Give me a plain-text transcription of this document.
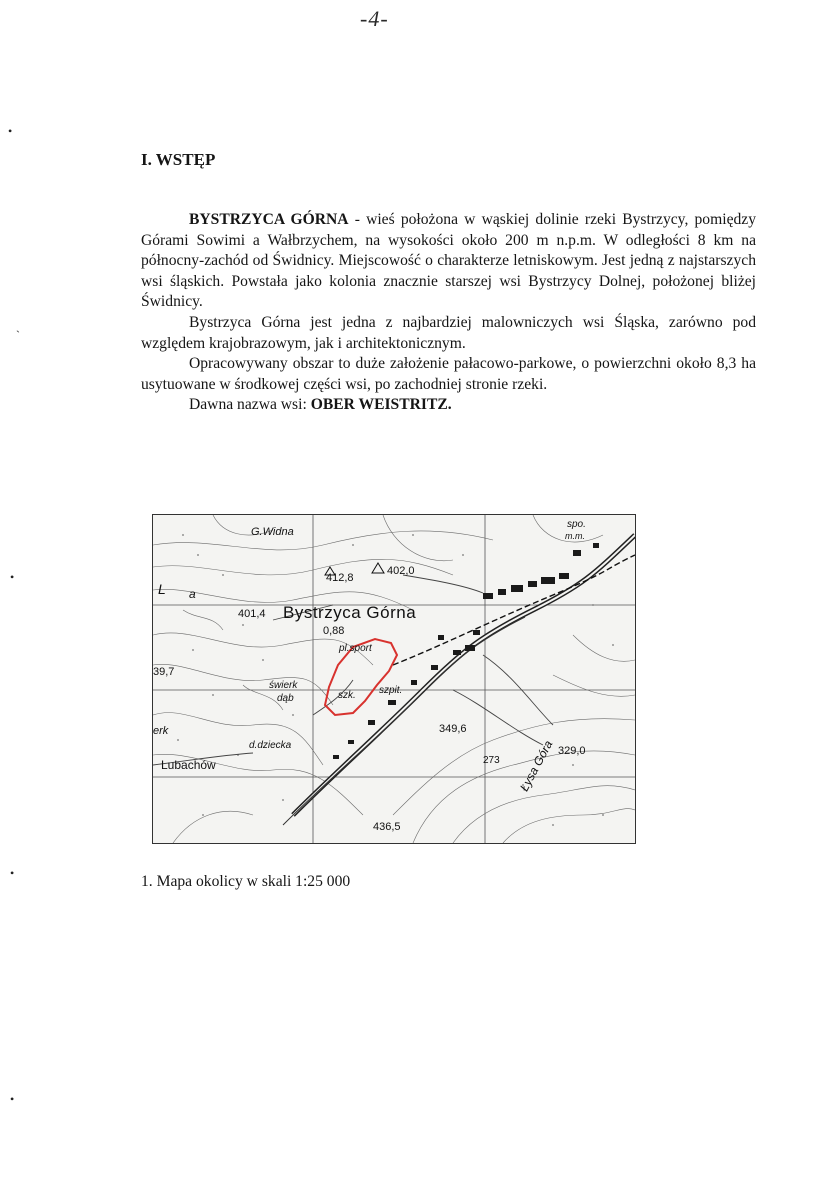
-4-
•
`
•
•
•
I. WSTĘP

BYSTRZYCA GÓRNA - wieś położona w wąskiej dolinie rzeki Bystrzycy, pomiędzy Górami Sowimi a Wałbrzychem, na wysokości około 200 m n.p.m. W odległości 8 km na północny-zachód od Świdnicy. Miejscowość o charakterze letniskowym. Jest jedną z najstarszych wsi śląskich. Powstała jako kolonia znacznie starszej wsi Bystrzycy Dolnej, położonej bliżej Świdnicy.

Bystrzyca Górna jest jedna z najbardziej malowniczych wsi Śląska, zarówno pod względem krajobrazowym, jak i architektonicznym.

Opracowywany obszar to duże założenie pałacowo-parkowe, o powierzchni około 8,3 ha usytuowane w środkowej części wsi, po zachodniej stronie rzeki.

Dawna nazwa wsi: OBER WEISTRITZ.

G.Widna
412,8
402,0
401,4 Bystrzyca Górna
0,88
pl.sport
39,7
świerk
dąb	szk. szpit.
349,6
329,0
273
d.dziecka
Lubachów
erk
Łysa Góra
436,5
spo.
m.m.
L a

1. Mapa okolicy w skali 1:25 000
